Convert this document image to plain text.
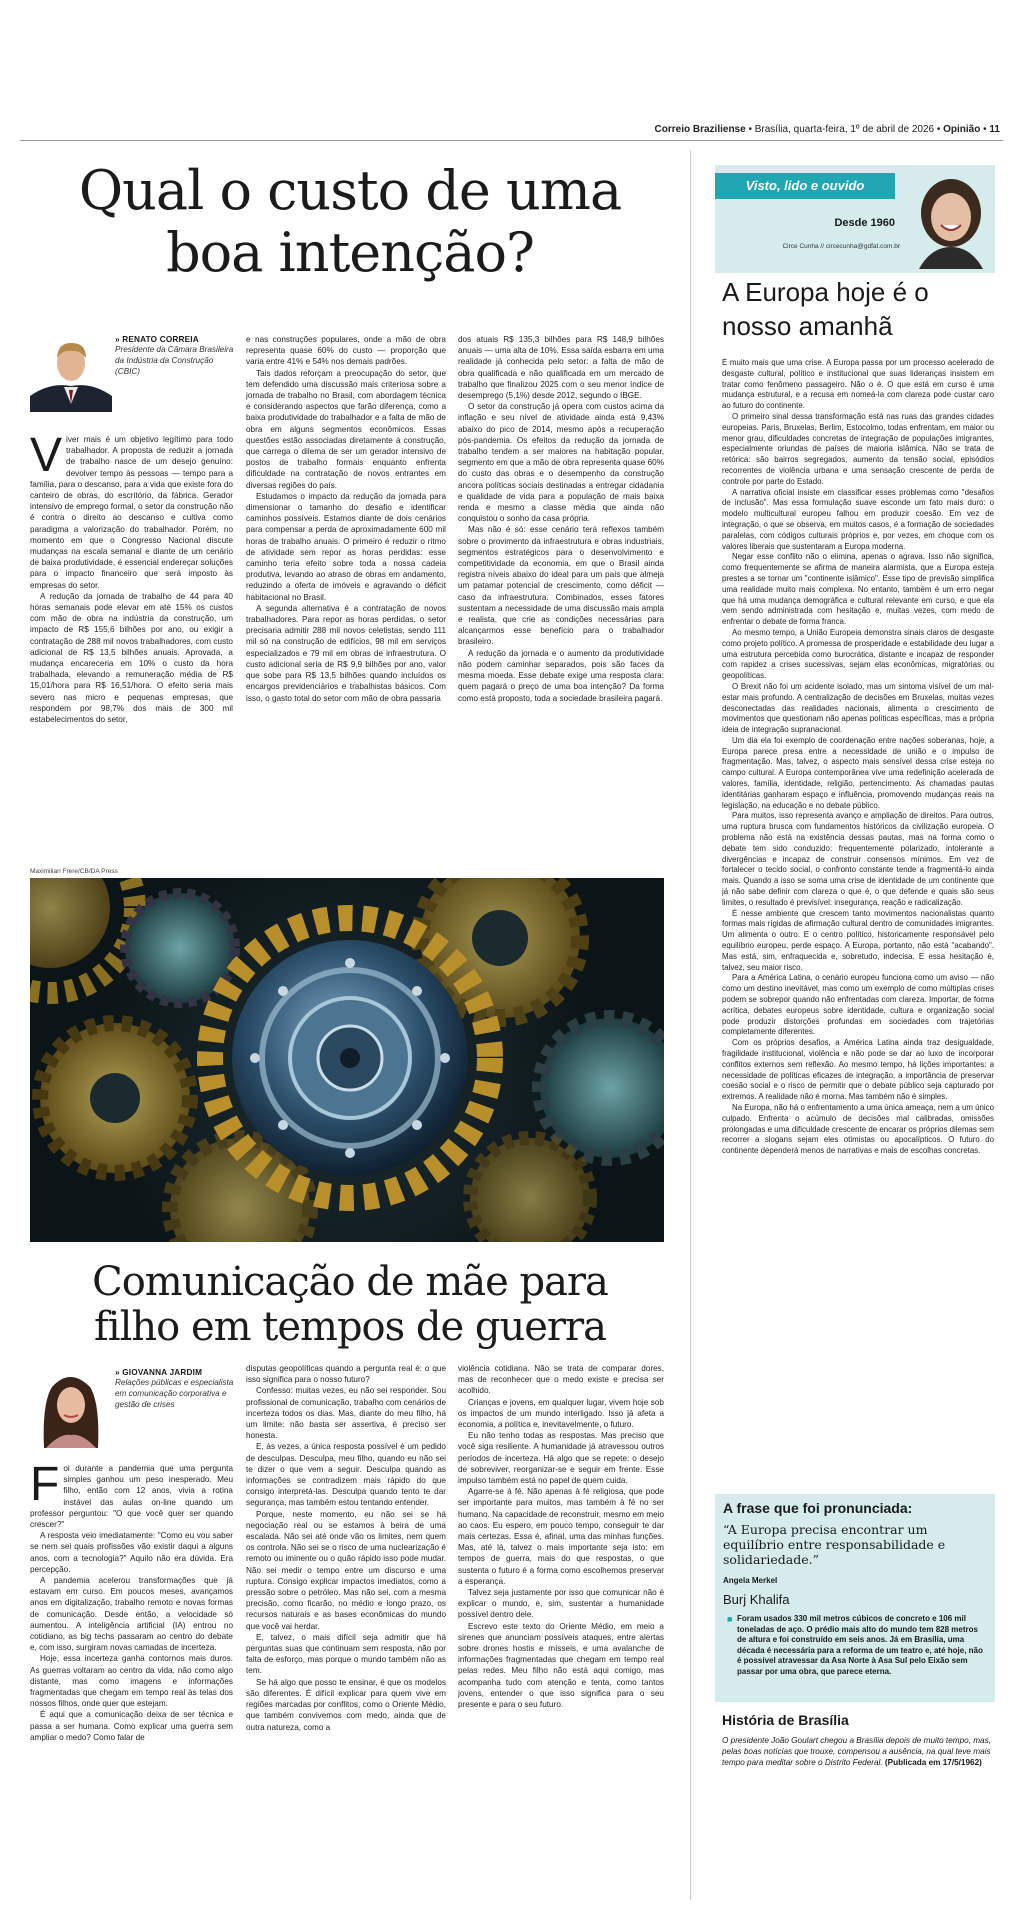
Correio Braziliense • Brasília, quarta-feira, 1º de abril de 2026 • Opinião • 11
Qual o custo de uma boa intenção?
» RENATO CORREIA
Presidente da Câmara Brasileira da Indústria da Construção (CBIC)

Viver mais é um objetivo legítimo para todo trabalhador. A proposta de reduzir a jornada de trabalho nasce de um desejo genuíno: devolver tempo às pessoas — tempo para a família, para o descanso, para a vida que existe fora do canteiro de obras, do escritório, da fábrica. Gerador intensivo de emprego formal, o setor da construção não é contra o direito ao descanso e cultiva como paradigma a valorização do trabalhador. Porém, no momento em que o Congresso Nacional discute mudanças na escala semanal e diante de um cenário de baixa produtividade, é essencial endereçar soluções para o impacto financeiro que será imposto às empresas do setor.

A redução da jornada de trabalho de 44 para 40 horas semanais pode elevar em até 15% os custos com mão de obra na indústria da construção, um impacto de R$ 155,6 bilhões por ano, ou exigir a contratação de 288 mil novos trabalhadores, com custo adicional de R$ 13,5 bilhões anuais. Aprovada, a mudança encareceria em 10% o custo da hora trabalhada, elevando a remuneração média de R$ 15,01/hora para R$ 16,51/hora. O efeito seria mais severo nas micro e pequenas empresas, que respondem por 98,7% dos mais de 300 mil estabelecimentos do setor,

e nas construções populares, onde a mão de obra representa quase 60% do custo — proporção que varia entre 41% e 54% nos demais padrões.

Tais dados reforçam a preocupação do setor, que tem defendido uma discussão mais criteriosa sobre a jornada de trabalho no Brasil, com abordagem técnica e considerando aspectos que farão diferença, como a baixa produtividade do trabalhador e a falta de mão de obra em alguns segmentos econômicos. Essas questões estão associadas diretamente à construção, que carrega o dilema de ser um gerador intensivo de postos de trabalho formais enquanto enfrenta dificuldade na contratação de novos entrantes em diversas regiões do país.

Estudamos o impacto da redução da jornada para dimensionar o tamanho do desafio e identificar caminhos possíveis. Estamos diante de dois cenários para compensar a perda de aproximadamente 600 mil horas de trabalho anuais. O primeiro é reduzir o ritmo de atividade sem repor as horas perdidas: esse caminho teria efeito sobre toda a nossa cadeia produtiva, levando ao atraso de obras em andamento, reduzindo a oferta de imóveis e agravando o déficit habitacional no Brasil.

A segunda alternativa é a contratação de novos trabalhadores. Para repor as horas perdidas, o setor precisaria admitir 288 mil novos celetistas, sendo 111 mil só na construção de edifícios, 98 mil em serviços especializados e 79 mil em obras de infraestrutura. O custo adicional seria de R$ 9,9 bilhões por ano, valor que sobe para R$ 13,5 bilhões quando incluídos os encargos previdenciários e trabalhistas básicos. Com isso, o gasto total do setor com mão de obra passaria

dos atuais R$ 135,3 bilhões para R$ 148,9 bilhões anuais — uma alta de 10%. Essa saída esbarra em uma realidade já conhecida pelo setor: a falta de mão de obra qualificada e não qualificada em um mercado de trabalho que finalizou 2025 com o seu menor índice de desemprego (5,1%) desde 2012, segundo o IBGE.

O setor da construção já opera com custos acima da inflação e seu nível de atividade ainda está 9,43% abaixo do pico de 2014, mesmo após a recuperação pós-pandemia. Os efeitos da redução da jornada de trabalho tendem a ser maiores na habitação popular, segmento em que a mão de obra representa quase 60% do custo das obras e o desempenho da construção ancora políticas sociais destinadas a entregar cidadania e qualidade de vida para a população de mais baixa renda e mesmo a classe média que ainda não conquistou o sonho da casa própria.

Mas não é só: esse cenário terá reflexos também sobre o provimento da infraestrutura e obras industriais, segmentos estratégicos para o desenvolvimento e competitividade da economia, em que o Brasil ainda registra níveis abaixo do ideal para um país que almeja um patamar potencial de crescimento, como déficit — caso da infraestrutura. Combinados, esses fatores sustentam a necessidade de uma discussão mais ampla e realista, que crie as condições necessárias para alcançarmos esse benefício para o trabalhador brasileiro.

A redução da jornada e o aumento da produtividade não podem caminhar separados, pois são faces da mesma moeda. Esse debate exige uma resposta clara: quem pagará o preço de uma boa intenção? Da forma como está proposto, toda a sociedade brasileira pagará.

Maximilian Frere/CB/DA Press
Comunicação de mãe para filho em tempos de guerra
» GIOVANNA JARDIM
Relações públicas e especialista em comunicação corporativa e gestão de crises

Foi durante a pandemia que uma pergunta simples ganhou um peso inesperado. Meu filho, então com 12 anos, vivia a rotina instável das aulas on-line quando um professor perguntou: "O que você quer ser quando crescer?"

A resposta veio imediatamente: "Como eu vou saber se nem sei quais profissões vão existir daqui a alguns anos, com a tecnologia?" Aquilo não era dúvida. Era percepção.

A pandemia acelerou transformações que já estavam em curso. Em poucos meses, avançamos anos em digitalização, trabalho remoto e novas formas de comunicação. Desde então, a velocidade só aumentou. A inteligência artificial (IA) entrou no cotidiano, as big techs passaram ao centro do debate e, com isso, surgiram novas camadas de incerteza.

Hoje, essa incerteza ganha contornos mais duros. As guerras voltaram ao centro da vida, não como algo distante, mas como imagens e informações fragmentadas que chegam em tempo real às telas dos nossos filhos, onde quer que estejam.

É aqui que a comunicação deixa de ser técnica e passa a ser humana. Como explicar uma guerra sem ampliar o medo? Como falar de

disputas geopolíticas quando a pergunta real é: o que isso significa para o nosso futuro?

Confesso: muitas vezes, eu não sei responder. Sou profissional de comunicação, trabalho com cenários de incerteza todos os dias. Mas, diante do meu filho, há um limite: não basta ser assertiva, é preciso ser honesta.

E, às vezes, a única resposta possível é um pedido de desculpas. Desculpa, meu filho, quando eu não sei te dizer o que vem a seguir. Desculpa quando as informações se contradizem mais rápido do que consigo interpretá-las. Desculpa quando tento te dar segurança, mas também estou tentando entender.

Porque, neste momento, eu não sei se há negociação real ou se estamos à beira de uma escalada. Não sei até onde vão os limites, nem quem os controla. Não sei se o risco de uma nuclearização é remoto ou iminente ou o quão rápido isso pode mudar. Não sei medir o tempo entre um discurso e uma ruptura. Consigo explicar impactos imediatos, como a pressão sobre o petróleo. Mas não sei, com a mesma precisão, como ficarão, no médio e longo prazo, os recursos naturais e as bases econômicas do mundo que você vai herdar.

E, talvez, o mais difícil seja admitir que há perguntas suas que continuam sem resposta, não por falta de esforço, mas porque o mundo também não as tem.

Se há algo que posso te ensinar, é que os modelos são diferentes. É difícil explicar para quem vive em regiões marcadas por conflitos, como o Oriente Médio, que também convivemos com medo, ainda que de outra natureza, como a

violência cotidiana. Não se trata de comparar dores, mas de reconhecer que o medo existe e precisa ser acolhido.

Crianças e jovens, em qualquer lugar, vivem hoje sob os impactos de um mundo interligado. Isso já afeta a economia, a política e, inevitavelmente, o futuro.

Eu não tenho todas as respostas. Mas preciso que você siga resiliente. A humanidade já atravessou outros períodos de incerteza. Há algo que se repete: o desejo de sobreviver, reorganizar-se e seguir em frente. Esse impulso também está no papel de quem cuida.

Agarre-se à fé. Não apenas à fé religiosa, que pode ser importante para muitos, mas também à fé no ser humano. Na capacidade de reconstruir, mesmo em meio ao caos. Eu espero, em pouco tempo, conseguir te dar mais certezas. Essa é, afinal, uma das minhas funções. Mas, até lá, talvez o mais importante seja isto: em tempos de guerra, mais do que respostas, o que sustenta o futuro é a forma como escolhemos preservar a esperança.

Talvez seja justamente por isso que comunicar não é explicar o mundo, e, sim, sustentar a humanidade possível dentro dele.

Escrevo este texto do Oriente Médio, em meio a sirenes que anunciam possíveis ataques, entre alertas sobre drones hostis e mísseis, e uma avalanche de informações fragmentadas que chegam em tempo real pelas redes. Meu filho não está aqui comigo, mas acompanha tudo com atenção e tenta, como tantos jovens, entender o que isso significa para o seu presente e para o seu futuro.

Visto, lido e ouvido
Desde 1960
Circe Cunha // circecunha@gdfat.com.br
A Europa hoje é o nosso amanhã

É muito mais que uma crise. A Europa passa por um processo acelerado de desgaste cultural, político e institucional que suas lideranças insistem em tratar como fenômeno passageiro. Não o é. O que está em curso é uma mudança estrutural, e a recusa em nomeá-la com clareza pode custar caro ao futuro do continente.

O primeiro sinal dessa transformação está nas ruas das grandes cidades europeias. Paris, Bruxelas, Berlim, Estocolmo, todas enfrentam, em maior ou menor grau, dificuldades concretas de integração de populações imigrantes, especialmente oriundas de países de maioria islâmica. Não se trata de retórica: são bairros segregados, aumento da tensão social, episódios recorrentes de violência urbana e uma sensação crescente de perda de controle por parte do Estado.

A narrativa oficial insiste em classificar esses problemas como "desafios de inclusão". Mas essa formulação suave esconde um fato mais duro: o modelo multicultural europeu falhou em produzir coesão. Em vez de integração, o que se observa, em muitos casos, é a formação de sociedades paralelas, com códigos culturais próprios e, por vezes, em choque com os valores liberais que sustentaram a Europa moderna.

Negar esse conflito não o elimina, apenas o agrava. Isso não significa, como frequentemente se afirma de maneira alarmista, que a Europa esteja prestes a se tornar um "continente islâmico". Esse tipo de previsão simplifica uma realidade muito mais complexa. No entanto, também é um erro negar que há uma mudança demográfica e cultural relevante em curso, e que ela vem sendo administrada com hesitação e, muitas vezes, com medo de enfrentar o debate de forma franca.

Ao mesmo tempo, a União Europeia demonstra sinais claros de desgaste como projeto político. A promessa de prosperidade e estabilidade deu lugar a uma estrutura percebida como burocrática, distante e incapaz de responder com rapidez a crises sucessivas, sejam elas econômicas, migratórias ou geopolíticas.

O Brexit não foi um acidente isolado, mas um sintoma visível de um mal-estar mais profundo. A centralização de decisões em Bruxelas, muitas vezes desconectadas das realidades nacionais, alimenta o crescimento de movimentos que questionam não apenas políticas específicas, mas a própria ideia de integração supranacional.

Um dia ela foi exemplo de coordenação entre nações soberanas, hoje, a Europa parece presa entre a necessidade de união e o impulso de fragmentação. Mas, talvez, o aspecto mais sensível dessa crise esteja no campo cultural. A Europa contemporânea vive uma redefinição acelerada de valores, família, identidade, religião, pertencimento. As chamadas pautas identitárias ganharam espaço e influência, promovendo mudanças reais na legislação, na educação e no debate público.

Para muitos, isso representa avanço e ampliação de direitos. Para outros, uma ruptura brusca com fundamentos históricos da civilização europeia. O problema não está na existência dessas pautas, mas na forma como o debate tem sido conduzido: frequentemente polarizado, intolerante a divergências e incapaz de construir consensos mínimos. Em vez de fortalecer o tecido social, o confronto constante tende a fragmentá-lo ainda mais. Quando a isso se soma uma crise de identidade de um continente que já não sabe definir com clareza o que é, o que defende e quais são seus limites, o resultado é previsível: insegurança, reação e radicalização.

É nesse ambiente que crescem tanto movimentos nacionalistas quanto formas mais rígidas de afirmação cultural dentro de comunidades imigrantes. Um alimenta o outro. E o centro político, historicamente responsável pelo equilíbrio europeu, perde espaço. A Europa, portanto, não está "acabando". Mas está, sim, enfraquecida e, sobretudo, indecisa. E essa hesitação é, talvez, seu maior risco.

Para a América Latina, o cenário europeu funciona como um aviso — não como um destino inevitável, mas como um exemplo de como múltiplas crises podem se sobrepor quando não enfrentadas com clareza. Importar, de forma acrítica, debates europeus sobre identidade, cultura e organização social pode produzir distorções profundas em sociedades com trajetórias completamente diferentes.

Com os próprios desafios, a América Latina ainda traz desigualdade, fragilidade institucional, violência e não pode se dar ao luxo de incorporar conflitos externos sem reflexão. Ao mesmo tempo, há lições importantes: a necessidade de políticas eficazes de integração, a importância de preservar coesão social e o risco de permitir que o debate público seja capturado por extremos. A realidade não é morna. Mas também não é simples.

Na Europa, não há o enfrentamento a uma única ameaça, nem a um único culpado. Enfrenta o acúmulo de decisões mal calibradas, omissões prolongadas e uma dificuldade crescente de encarar os próprios dilemas sem recorrer a slogans sejam eles otimistas ou apocalípticos. O futuro do continente dependerá menos de narrativas e mais de escolhas concretas.

A frase que foi pronunciada:
“A Europa precisa encontrar um equilíbrio entre responsabilidade e solidariedade.”
Angela Merkel
Burj Khalifa
■ Foram usados 330 mil metros cúbicos de concreto e 106 mil toneladas de aço. O prédio mais alto do mundo tem 828 metros de altura e foi construído em seis anos. Já em Brasília, uma década é necessária para a reforma de um teatro e, até hoje, não é possível atravessar da Asa Norte à Asa Sul pelo Eixão sem passar por uma obra, que parece eterna.
História de Brasília
O presidente João Goulart chegou a Brasília depois de muito tempo, mas, pelas boas notícias que trouxe, compensou a ausência, na qual teve mais tempo para meditar sobre o Distrito Federal. (Publicada em 17/5/1962)
